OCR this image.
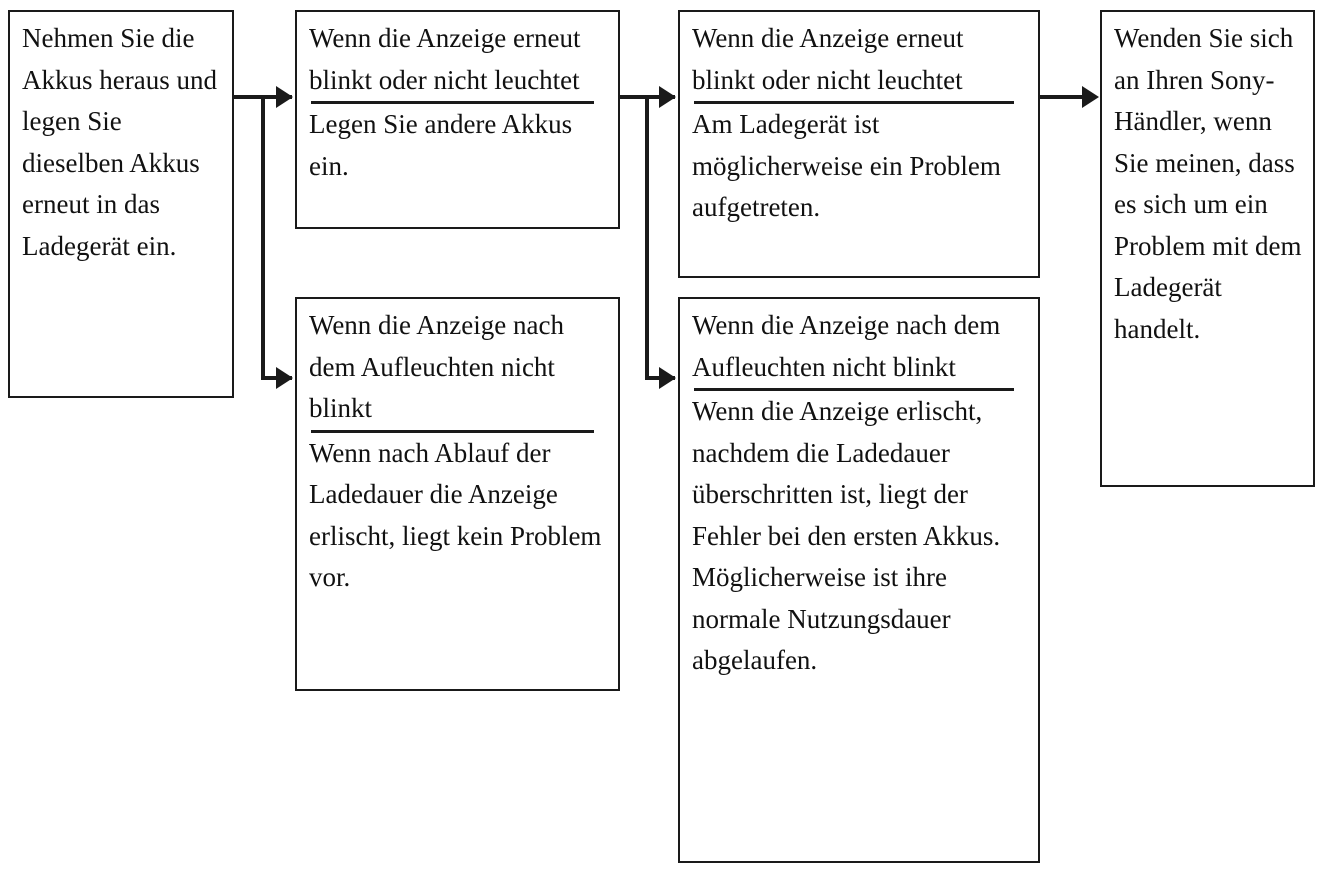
Nehmen Sie die Akkus heraus und legen Sie dieselben Akkus erneut in das Ladegerät ein.
Wenn die Anzeige erneut blinkt oder nicht leuchtet
Legen Sie andere Akkus ein.
Wenn die Anzeige nach dem Aufleuchten nicht blinkt
Wenn nach Ablauf der Ladedauer die Anzeige erlischt, liegt kein Problem vor.
Wenn die Anzeige erneut blinkt oder nicht leuchtet
Am Ladegerät ist möglicherweise ein Problem aufgetreten.
Wenn die Anzeige nach dem Aufleuchten nicht blinkt
Wenn die Anzeige erlischt, nachdem die Ladedauer überschritten ist, liegt der Fehler bei den ersten Akkus. Möglicherweise ist ihre normale Nutzungsdauer abgelaufen.
Wenden Sie sich an Ihren Sony-Händler, wenn Sie meinen, dass es sich um ein Problem mit dem Ladegerät handelt.
